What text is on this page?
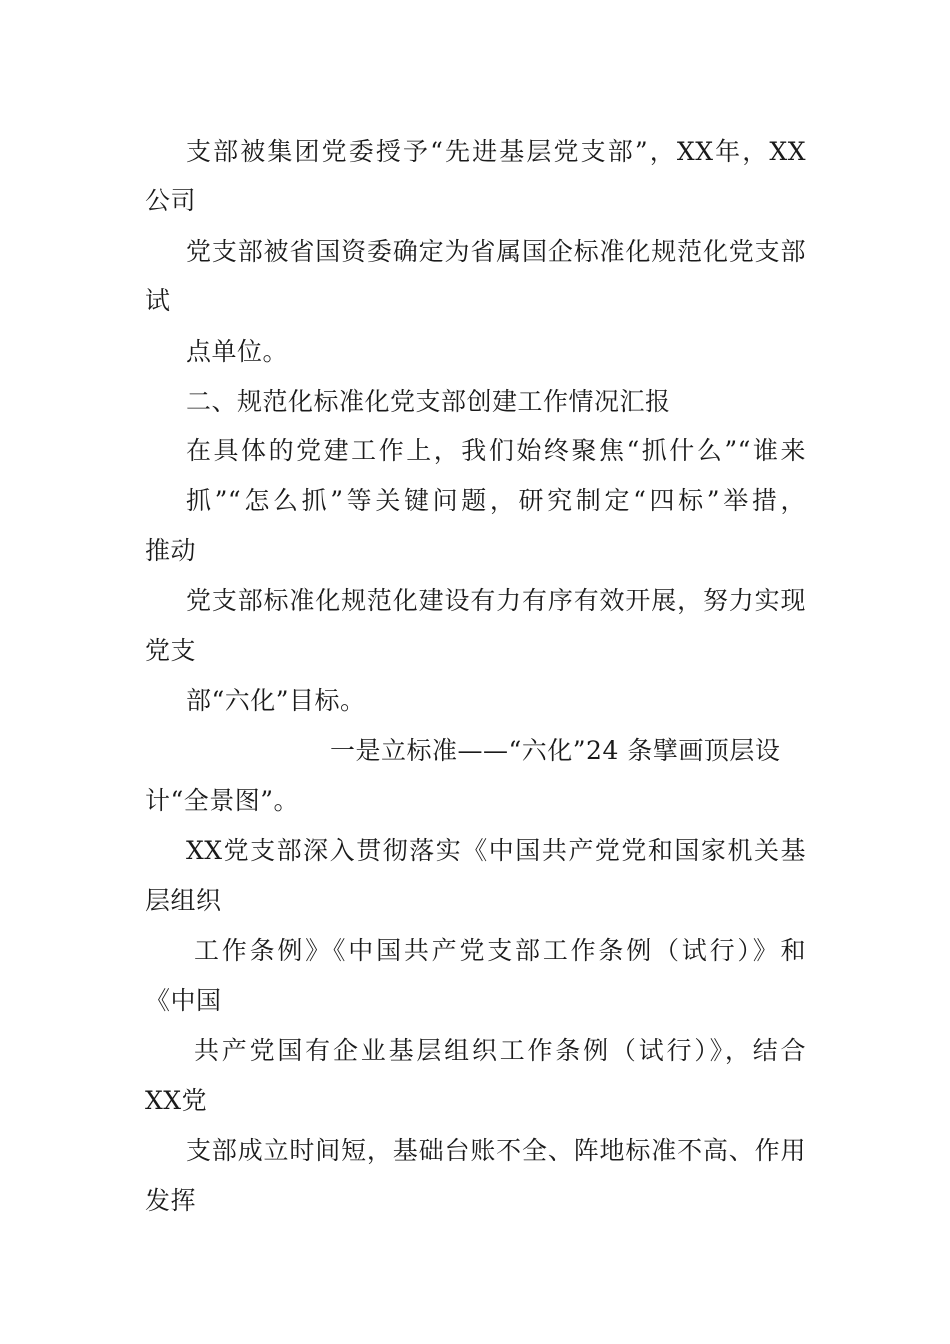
支部被集团党委授予“先进基层党支部”，XX年，XX
公司
党支部被省国资委确定为省属国企标准化规范化党支部
试
点单位。
二、规范化标准化党支部创建工作情况汇报
在具体的党建工作上，我们始终聚焦“抓什么”“谁来
抓”“怎么抓”等关键问题，研究制定“四标”举措，
推动
党支部标准化规范化建设有力有序有效开展，努力实现
党支
部“六化”目标。
一是立标准——“六化”24 条擘画顶层设
计“全景图”。
XX党支部深入贯彻落实《中国共产党党和国家机关基
层组织
工作条例》《中国共产党支部工作条例（试行）》和
《中国
共产党国有企业基层组织工作条例（试行）》，结合
XX党
支部成立时间短，基础台账不全、阵地标准不高、作用
发挥
